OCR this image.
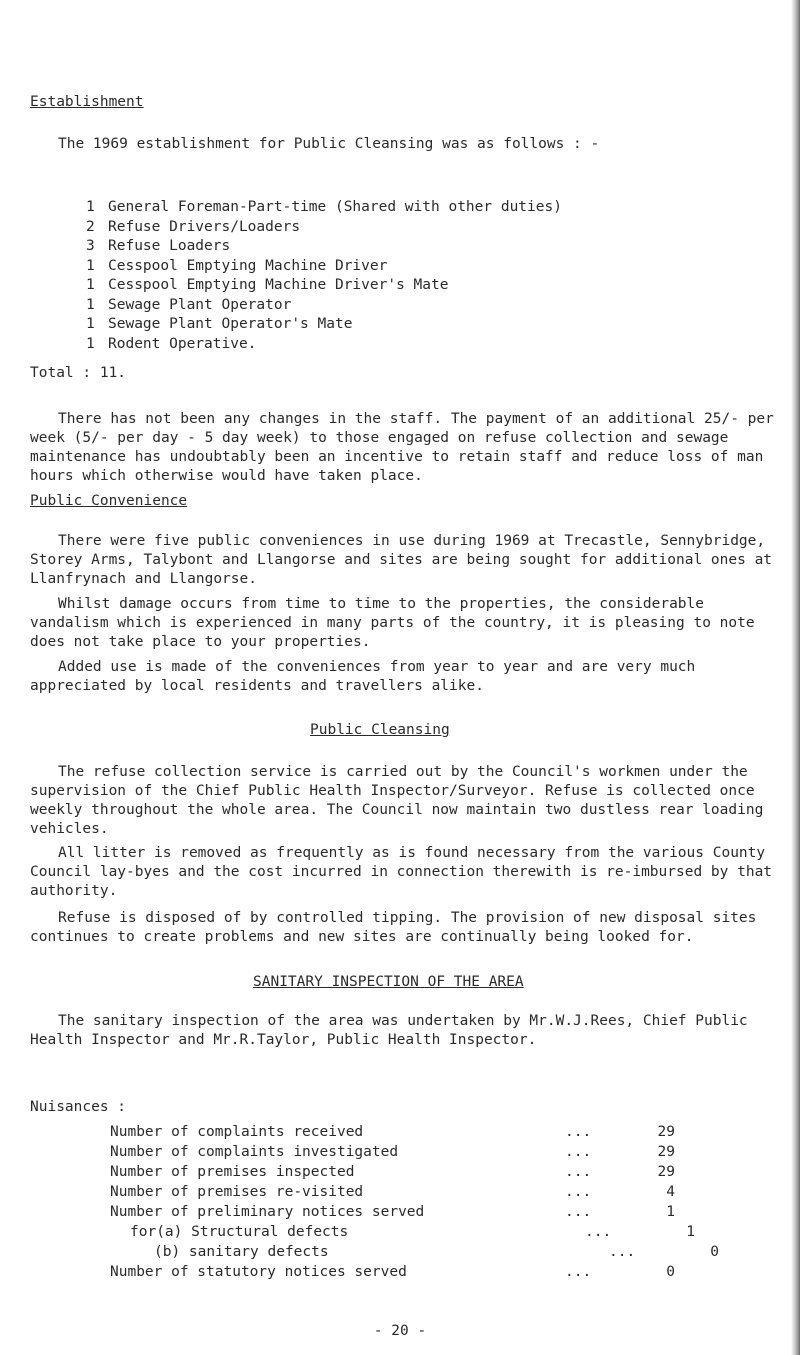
Establishment

The 1969 establishment for Public Cleansing was as follows : -

1 General Foreman-Part-time (Shared with other duties)
2 Refuse Drivers/Loaders
3 Refuse Loaders
1 Cesspool Emptying Machine Driver
1 Cesspool Emptying Machine Driver's Mate
1 Sewage Plant Operator
1 Sewage Plant Operator's Mate
1 Rodent Operative.

Total : 11.

There has not been any changes in the staff. The payment of an additional 25/- per week (5/- per day - 5 day week) to those engaged on refuse collection and sewage maintenance has undoubtably been an incentive to retain staff and reduce loss of man hours which otherwise would have taken place.

Public Convenience

There were five public conveniences in use during 1969 at Trecastle, Sennybridge, Storey Arms, Talybont and Llangorse and sites are being sought for additional ones at Llanfrynach and Llangorse.

Whilst damage occurs from time to time to the properties, the considerable vandalism which is experienced in many parts of the country, it is pleasing to note does not take place to your properties.

Added use is made of the conveniences from year to year and are very much appreciated by local residents and travellers alike.

Public Cleansing

The refuse collection service is carried out by the Council's workmen under the supervision of the Chief Public Health Inspector/Surveyor. Refuse is collected once weekly throughout the whole area. The Council now maintain two dustless rear loading vehicles.

All litter is removed as frequently as is found necessary from the various County Council lay-byes and the cost incurred in connection therewith is re-imbursed by that authority.

Refuse is disposed of by controlled tipping. The provision of new disposal sites continues to create problems and new sites are continually being looked for.

SANITARY INSPECTION OF THE AREA

The sanitary inspection of the area was undertaken by Mr.W.J.Rees, Chief Public Health Inspector and Mr.R.Taylor, Public Health Inspector.

Nuisances :
Number of complaints received	...	29
Number of complaints investigated	...	29
Number of premises inspected	...	29
Number of premises re-visited	...	4
Number of preliminary notices served	...	1
for(a) Structural defects	...	1
(b) sanitary defects	...	0
Number of statutory notices served	...	0
- 20 -
